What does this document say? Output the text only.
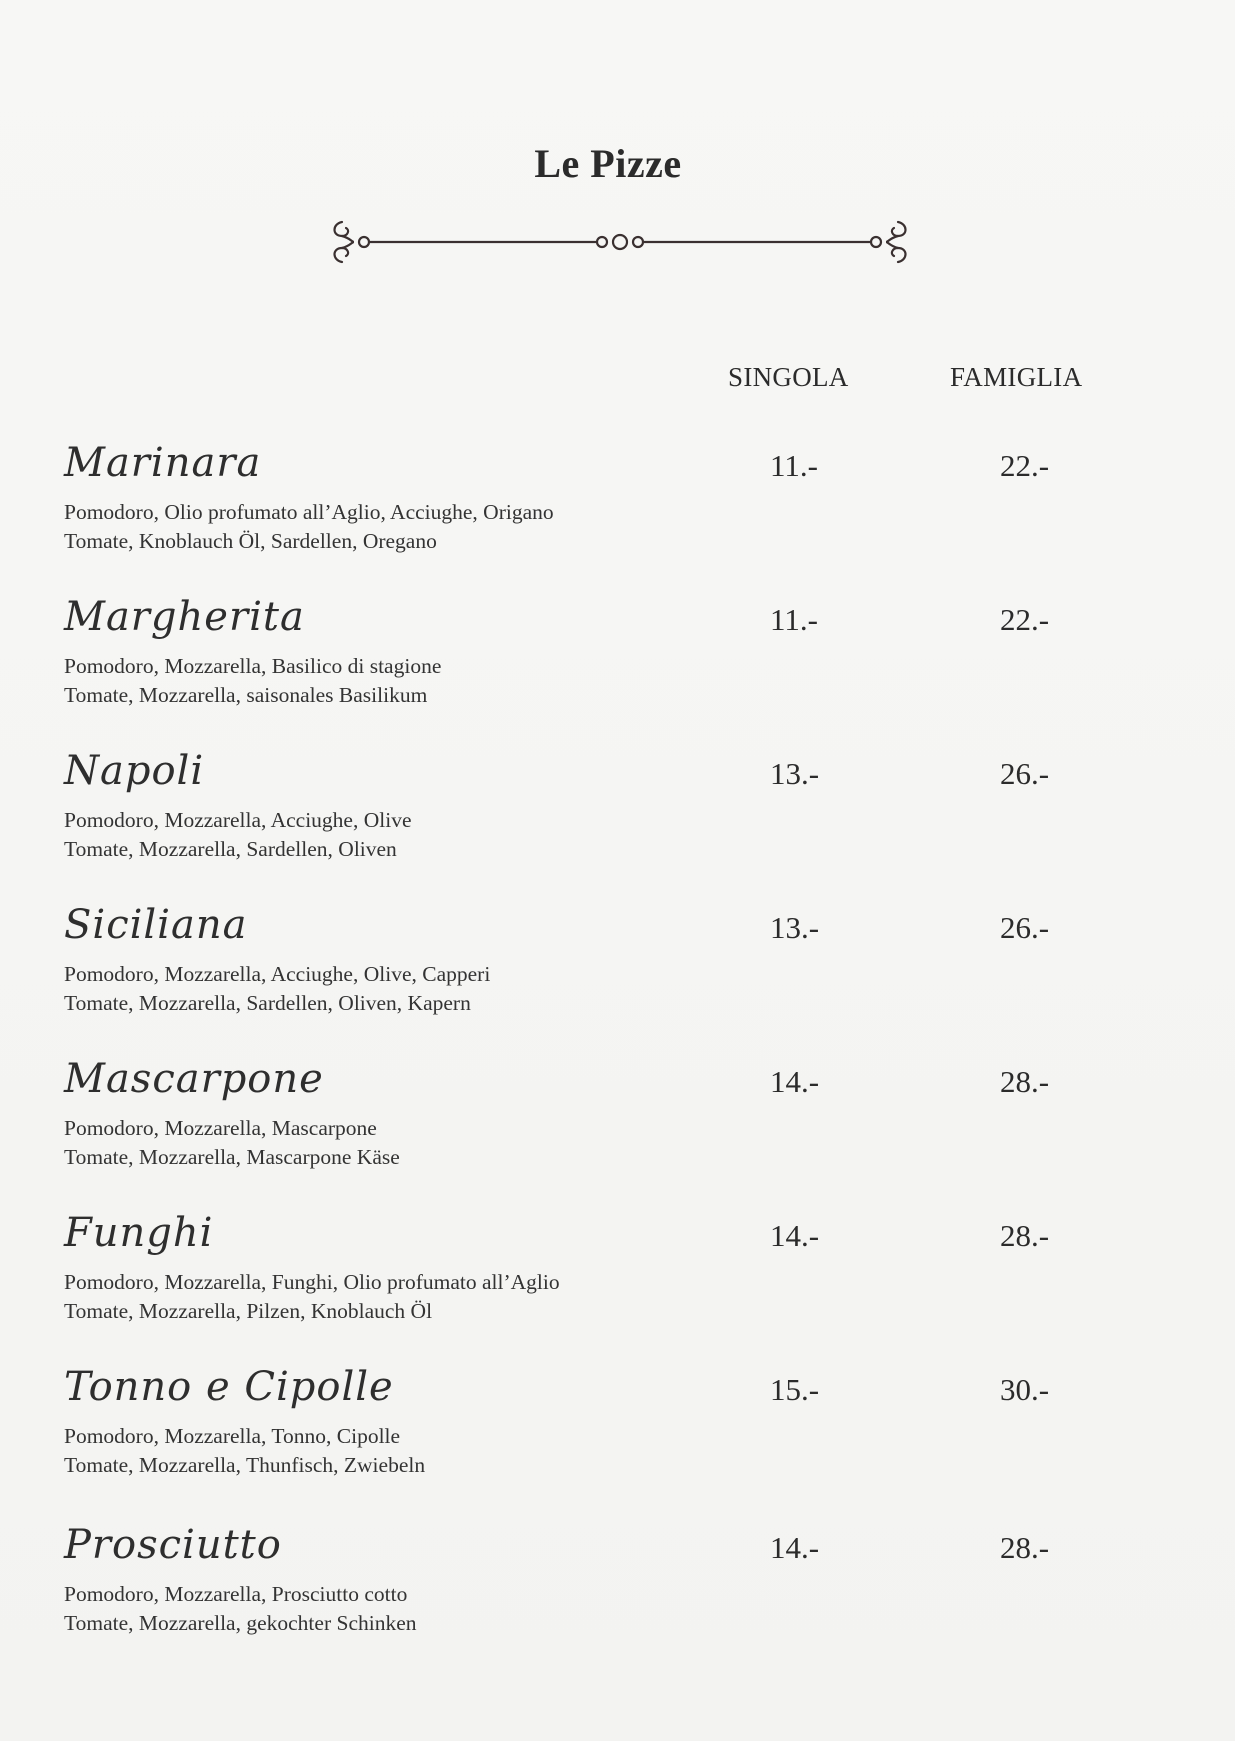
Le Pizze
SINGOLA	FAMIGLIA
Marinara
Pomodoro, Olio profumato all’Aglio, Acciughe, Origano
Tomate, Knoblauch Öl, Sardellen, Oregano
11.-	22.-
Margherita
Pomodoro, Mozzarella, Basilico di stagione
Tomate, Mozzarella, saisonales Basilikum
11.-	22.-
Napoli
Pomodoro, Mozzarella, Acciughe, Olive
Tomate, Mozzarella, Sardellen, Oliven
13.-	26.-
Siciliana
Pomodoro, Mozzarella, Acciughe, Olive, Capperi
Tomate, Mozzarella, Sardellen, Oliven, Kapern
13.-	26.-
Mascarpone
Pomodoro, Mozzarella, Mascarpone
Tomate, Mozzarella, Mascarpone Käse
14.-	28.-
Funghi
Pomodoro, Mozzarella, Funghi, Olio profumato all’Aglio
Tomate, Mozzarella, Pilzen, Knoblauch Öl
14.-	28.-
Tonno e Cipolle
Pomodoro, Mozzarella, Tonno, Cipolle
Tomate, Mozzarella, Thunfisch, Zwiebeln
15.-	30.-
Prosciutto
Pomodoro, Mozzarella, Prosciutto cotto
Tomate, Mozzarella, gekochter Schinken
14.-	28.-
